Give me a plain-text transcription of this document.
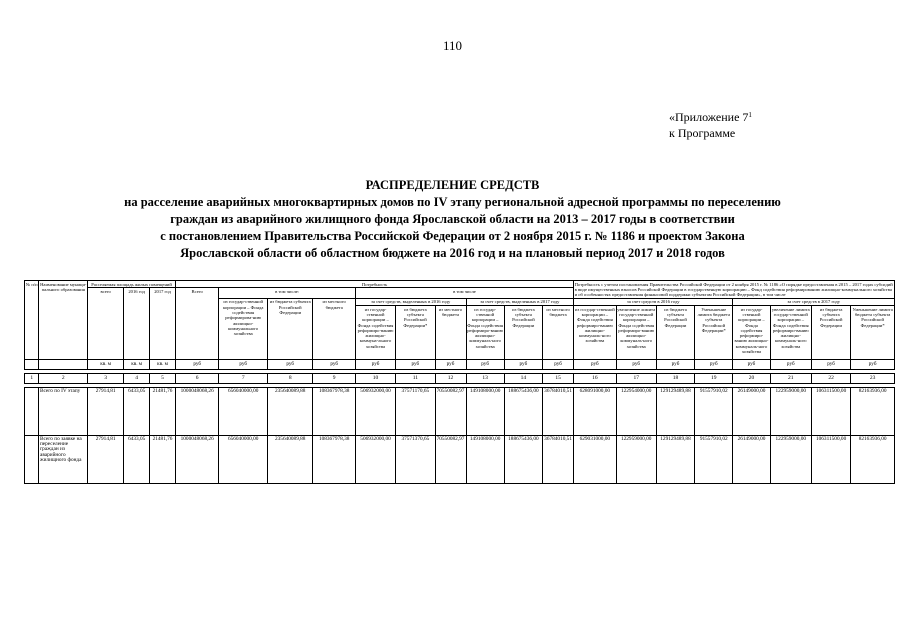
110
«Приложение $7^1$
к Программе
РАСПРЕДЕЛЕНИЕ СРЕДСТВ
на расселение аварийных многоквартирных домов по IV этапу региональной адресной программы по переселению
граждан из аварийного жилищного фонда Ярославской области на 2013 – 2017 годы в соответствии
с постановлением Правительства Российской Федерации от 2 ноября 2015 г. № 1186 и проектом Закона
Ярославской области об областном бюджете на 2016 год и на плановый период 2017 и 2018 годов
№ п/п	Наименование муници-пального образования	Расселяемая площадь жилых помещений			Потребность										Потребность с учетом постановления Правительства Российской Федерации от 2 ноября 2015 г. № 1186 «О порядке предоставления в 2015 – 2017 годах субсидий в виде имущественных взносов Российской Федерации в государственную корпорацию – Фонд содействия реформированию жилищно-коммунального хозяйства и об особенностях предоставления финансовой поддержки субъектам Российской Федерации», в том числе							
		всего	2016 год	2017 год	Всего	в том числе:			в том числе													
						из государ-ственной корпорации – Фонда содействия реформирова-нию жилищно-коммунального хозяйства	из бюджета субъекта Российской Федерации	из местного бюджета	за счет средств, выделенных в 2016 году			за счет средств, выделенных в 2017 году			за счет средств в 2016 году				за счет средств в 2017 году			
									из государ-ственной корпорации – Фонда содействия реформиро-ванию жилищно-коммуна-льного хозяйства	из бюджета субъекта Российской Федерации*	из местного бюджета	из государ-ственной корпорации – Фонда содействия реформиро-ванию жилищно-коммуналь-ного хозяйства	из бюджета субъекта Российской Федерации	из местного бюджета	из государ-ственной корпорации – Фонда содействия реформиро-ванию жилищно-коммуналь-ного хозяйства	увеличение лимита государ-ственной корпорации – Фонда содействия реформиро-ванию жилищно-коммуналь-ного хозяйства	из бюджета субъекта Российской Федерации	Уменьшение лимита бюджета субъекта Российской Федерации*	из государ-ственной корпорации – Фонда содействия реформиро-ванию жилищно-коммуналь-ного хозяйства	увеличение лимита государ-ственной корпорации – Фонда содействия реформиро-ванию жилищно-коммуналь-ного хозяйства	из бюджета субъекта Российской Федерации	Уменьшение лимита бюджета субъекта Российской Федерации*
		кв. м	кв. м	кв. м	руб	руб	руб	руб	руб	руб	руб	руб	руб	руб	руб	руб	руб	руб	руб	руб	руб	руб

1	2	3	4	5	6	7	8	9	10	11	12	13	14	15	16	17	18	19	20	21	22	23

	Всего по IV этапу	27914,81	6433,05	21481,76	1000048068,26	656040000,00	235640089,88	108367978,38	506932000,00	37571170,65	70550082,97	149108000,00	188675436,00	36784010,51	628091000,00	122954000,00	129129489,88	91557910,02	26149000,00	122959000,00	106311500,00	82163936,00
	Всего по заявке на переселение граждан из аварийного жилищного фонда	27914,81	6433,05	21481,76	1000048068,26	656040000,00	235640089,88	108367978,38	506932000,00	37571370,65	70550082,97	149108000,00	188675436,00	36784010,51	629031000,00	122959000,00	129129489,88	91557910,02	26149000,00	122959000,00	106311500,00	82163936,00
